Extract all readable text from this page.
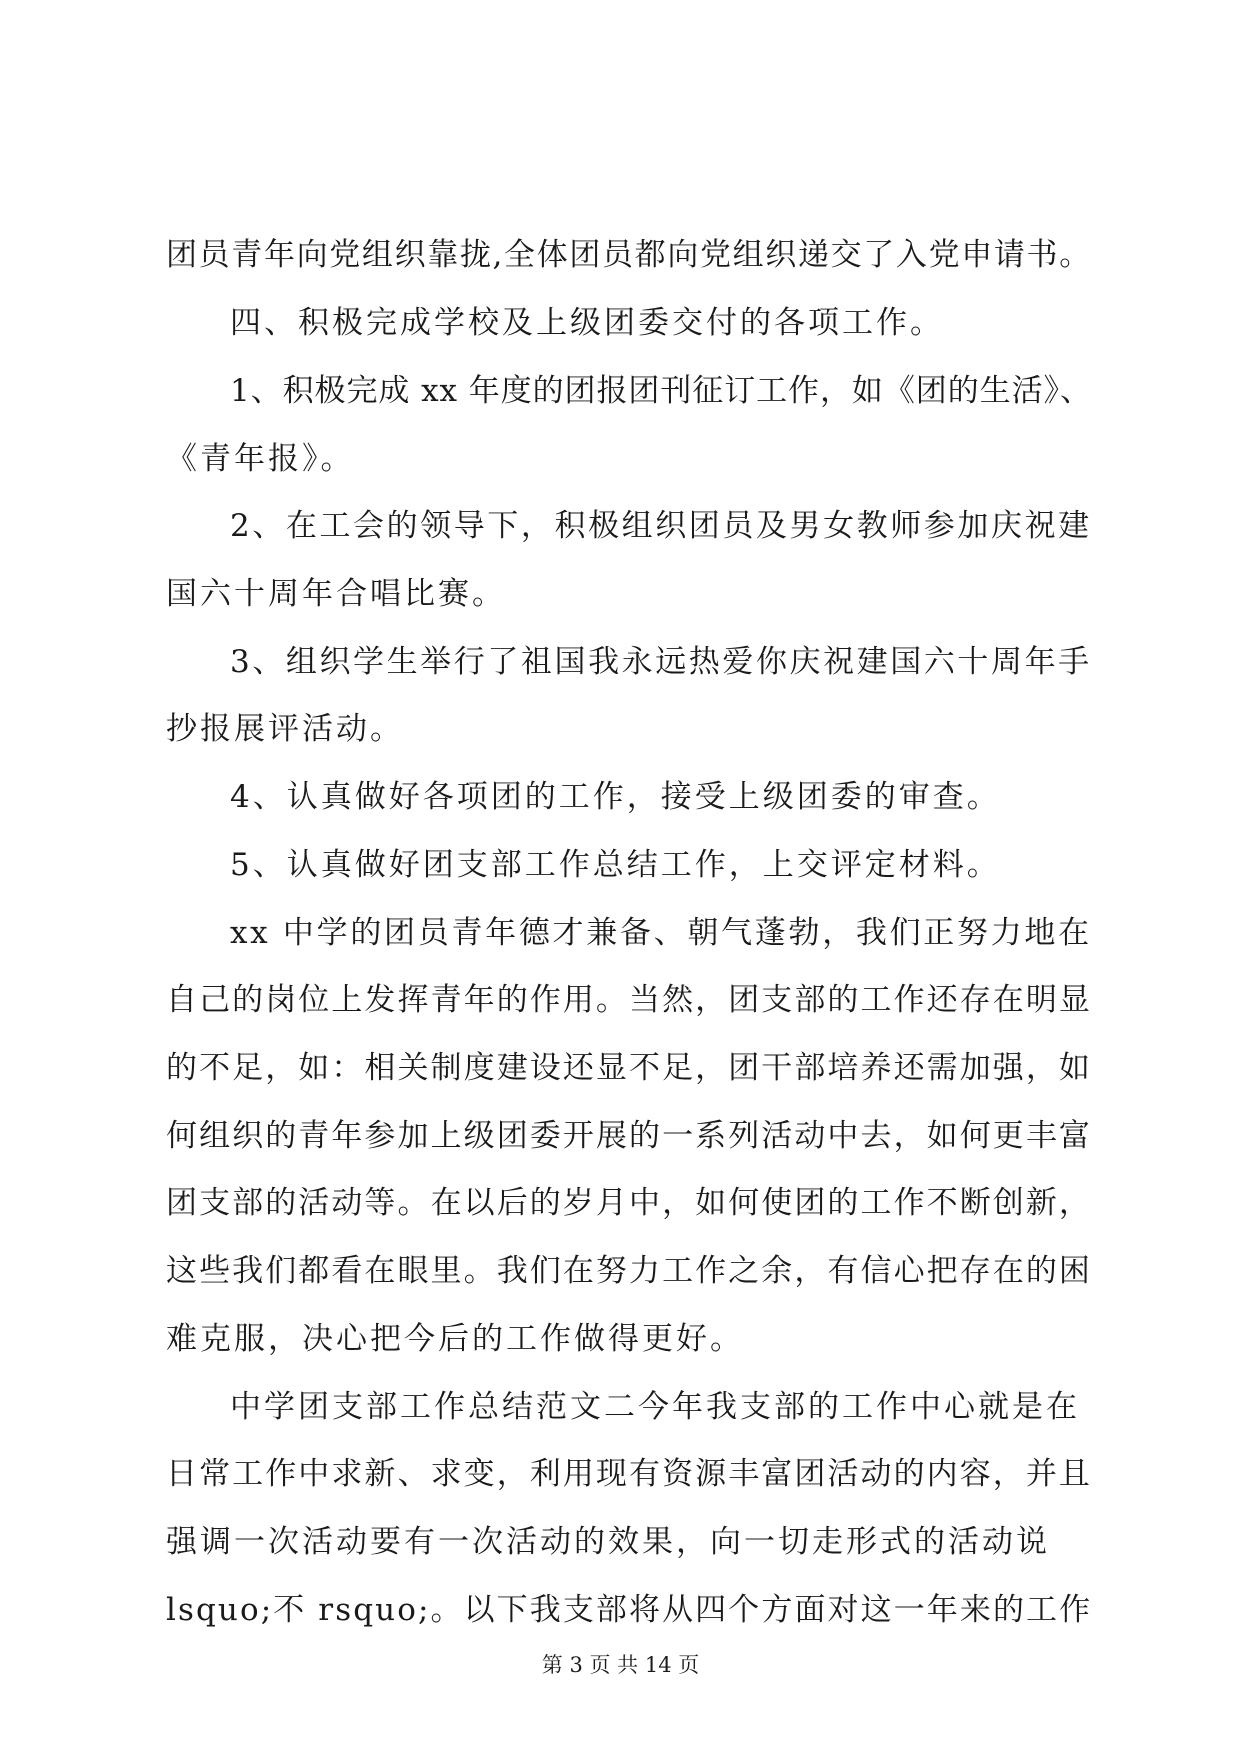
团员青年向党组织靠拢,全体团员都向党组织递交了入党申请书。
四、积极完成学校及上级团委交付的各项工作。
1、积极完成 xx 年度的团报团刊征订工作，如《团的生活》、
《青年报》。
2、在工会的领导下，积极组织团员及男女教师参加庆祝建
国六十周年合唱比赛。
3、组织学生举行了祖国我永远热爱你庆祝建国六十周年手
抄报展评活动。
4、认真做好各项团的工作，接受上级团委的审查。
5、认真做好团支部工作总结工作，上交评定材料。
xx 中学的团员青年德才兼备、朝气蓬勃，我们正努力地在
自己的岗位上发挥青年的作用。当然，团支部的工作还存在明显
的不足，如：相关制度建设还显不足，团干部培养还需加强，如
何组织的青年参加上级团委开展的一系列活动中去，如何更丰富
团支部的活动等。在以后的岁月中，如何使团的工作不断创新，
这些我们都看在眼里。我们在努力工作之余，有信心把存在的困
难克服，决心把今后的工作做得更好。
中学团支部工作总结范文二今年我支部的工作中心就是在
日常工作中求新、求变，利用现有资源丰富团活动的内容，并且
强调一次活动要有一次活动的效果，向一切走形式的活动说
lsquo;不 rsquo;。以下我支部将从四个方面对这一年来的工作
第 3 页 共 14 页
